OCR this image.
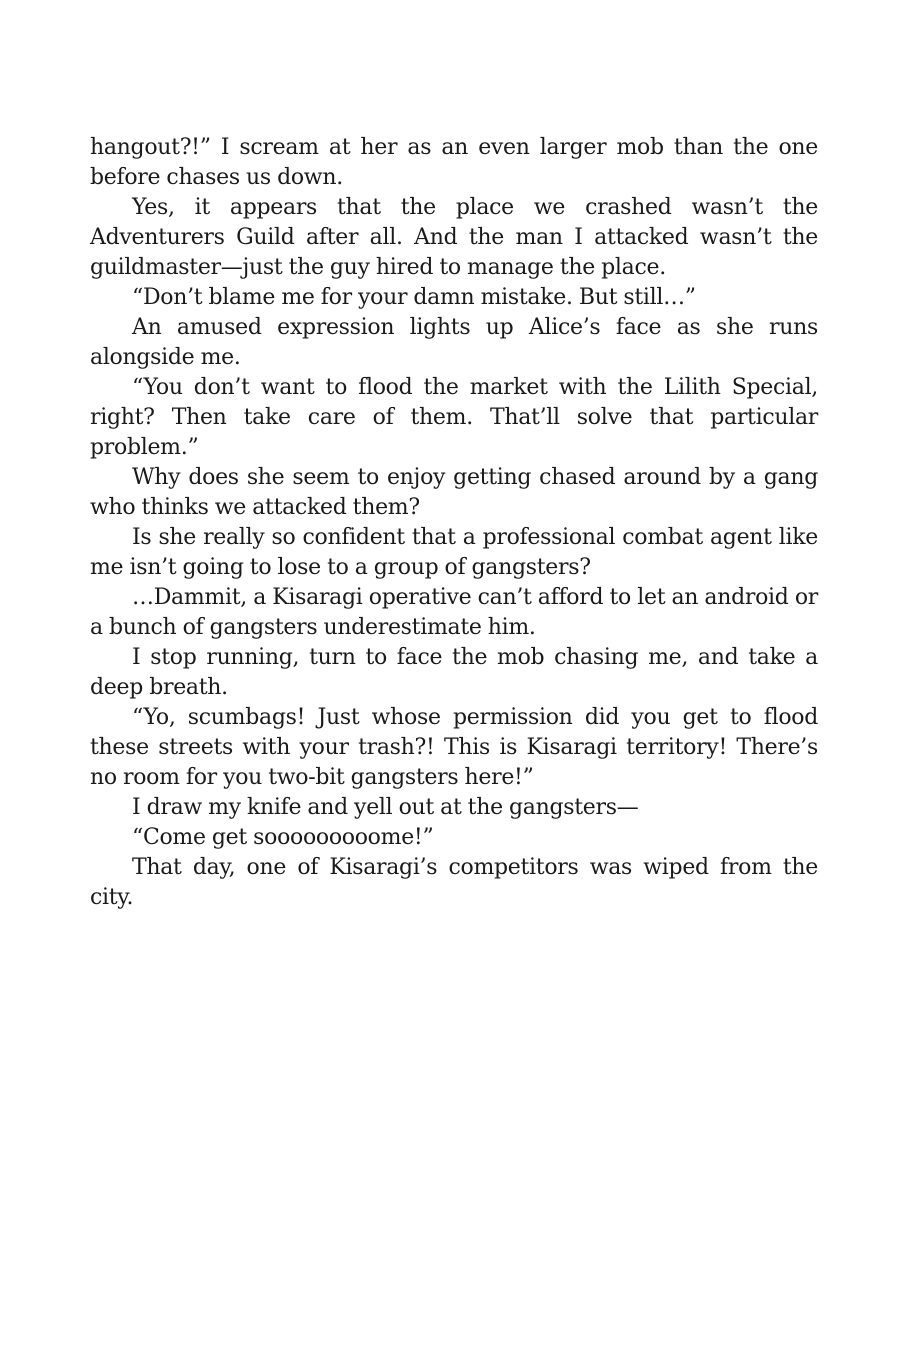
hangout?!” I scream at her as an even larger mob than the one before chases us down.

Yes, it appears that the place we crashed wasn’t the Adventurers Guild after all. And the man I attacked wasn’t the guildmaster—just the guy hired to manage the place.

“Don’t blame me for your damn mistake. But still…”

An amused expression lights up Alice’s face as she runs alongside me.

“You don’t want to flood the market with the Lilith Special, right? Then take care of them. That’ll solve that particular problem.”

Why does she seem to enjoy getting chased around by a gang who thinks we attacked them?

Is she really so confident that a professional combat agent like me isn’t going to lose to a group of gangsters?

…Dammit, a Kisaragi operative can’t afford to let an android or a bunch of gangsters underestimate him.

I stop running, turn to face the mob chasing me, and take a deep breath.

“Yo, scumbags! Just whose permission did you get to flood these streets with your trash?! This is Kisaragi territory! There’s no room for you two-bit gangsters here!”

I draw my knife and yell out at the gangsters—

“Come get sooooooooome!”

That day, one of Kisaragi’s competitors was wiped from the city.
